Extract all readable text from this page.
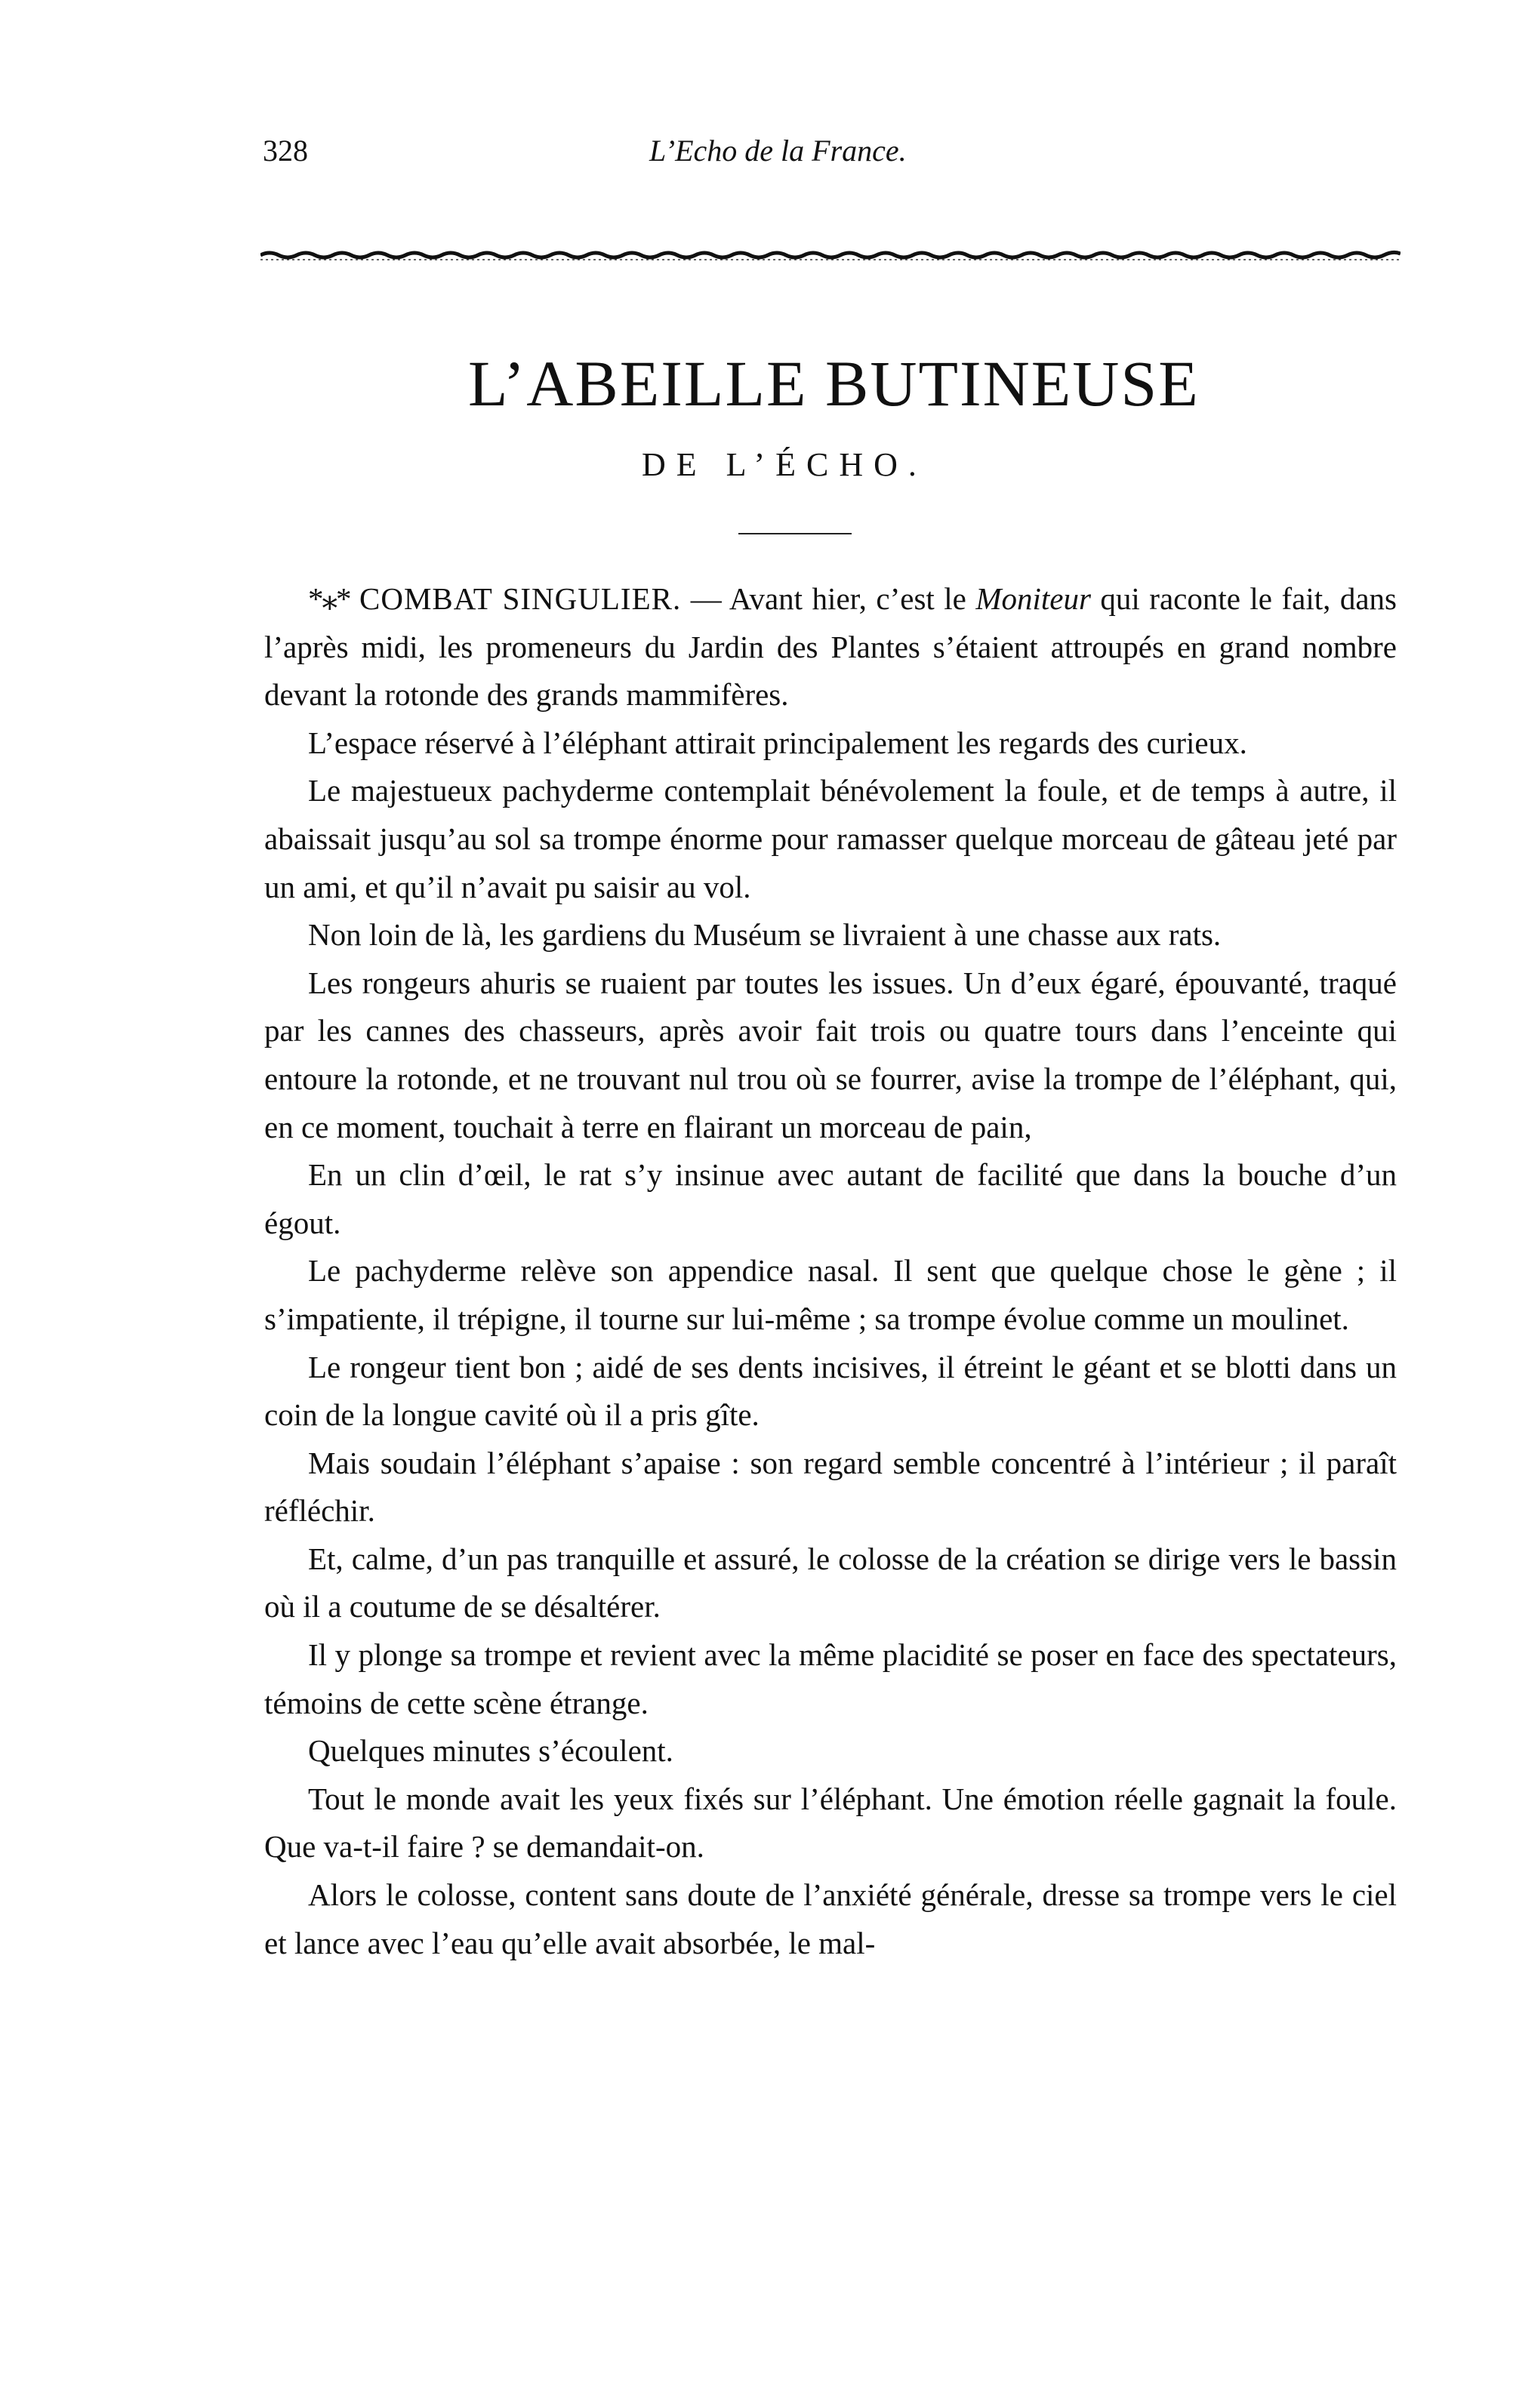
328	L’Echo de la France.
L’ABEILLE BUTINEUSE
DE L’ÉCHO.

*⁎* COMBAT SINGULIER. — Avant hier, c’est le Moniteur qui raconte le fait, dans l’après midi, les promeneurs du Jardin des Plantes s’étaient attroupés en grand nombre devant la rotonde des grands mammifères.

L’espace réservé à l’éléphant attirait principalement les regards des curieux.

Le majestueux pachyderme contemplait bénévolement la foule, et de temps à autre, il abaissait jusqu’au sol sa trompe énorme pour ramasser quelque morceau de gâteau jeté par un ami, et qu’il n’avait pu saisir au vol.

Non loin de là, les gardiens du Muséum se livraient à une chasse aux rats.

Les rongeurs ahuris se ruaient par toutes les issues. Un d’eux égaré, épouvanté, traqué par les cannes des chasseurs, après avoir fait trois ou quatre tours dans l’enceinte qui entoure la rotonde, et ne trouvant nul trou où se fourrer, avise la trompe de l’éléphant, qui, en ce moment, touchait à terre en flairant un morceau de pain,

En un clin d’œil, le rat s’y insinue avec autant de facilité que dans la bouche d’un égout.

Le pachyderme relève son appendice nasal. Il sent que quelque chose le gène ; il s’impatiente, il trépigne, il tourne sur lui-même ; sa trompe évolue comme un moulinet.

Le rongeur tient bon ; aidé de ses dents incisives, il étreint le géant et se blotti dans un coin de la longue cavité où il a pris gîte.

Mais soudain l’éléphant s’apaise : son regard semble concentré à l’intérieur ; il paraît réfléchir.

Et, calme, d’un pas tranquille et assuré, le colosse de la création se dirige vers le bassin où il a coutume de se désaltérer.

Il y plonge sa trompe et revient avec la même placidité se poser en face des spectateurs, témoins de cette scène étrange.

Quelques minutes s’écoulent.

Tout le monde avait les yeux fixés sur l’éléphant. Une émotion réelle gagnait la foule. Que va-t-il faire ? se demandait-on.

Alors le colosse, content sans doute de l’anxiété générale, dresse sa trompe vers le ciel et lance avec l’eau qu’elle avait absorbée, le mal-
